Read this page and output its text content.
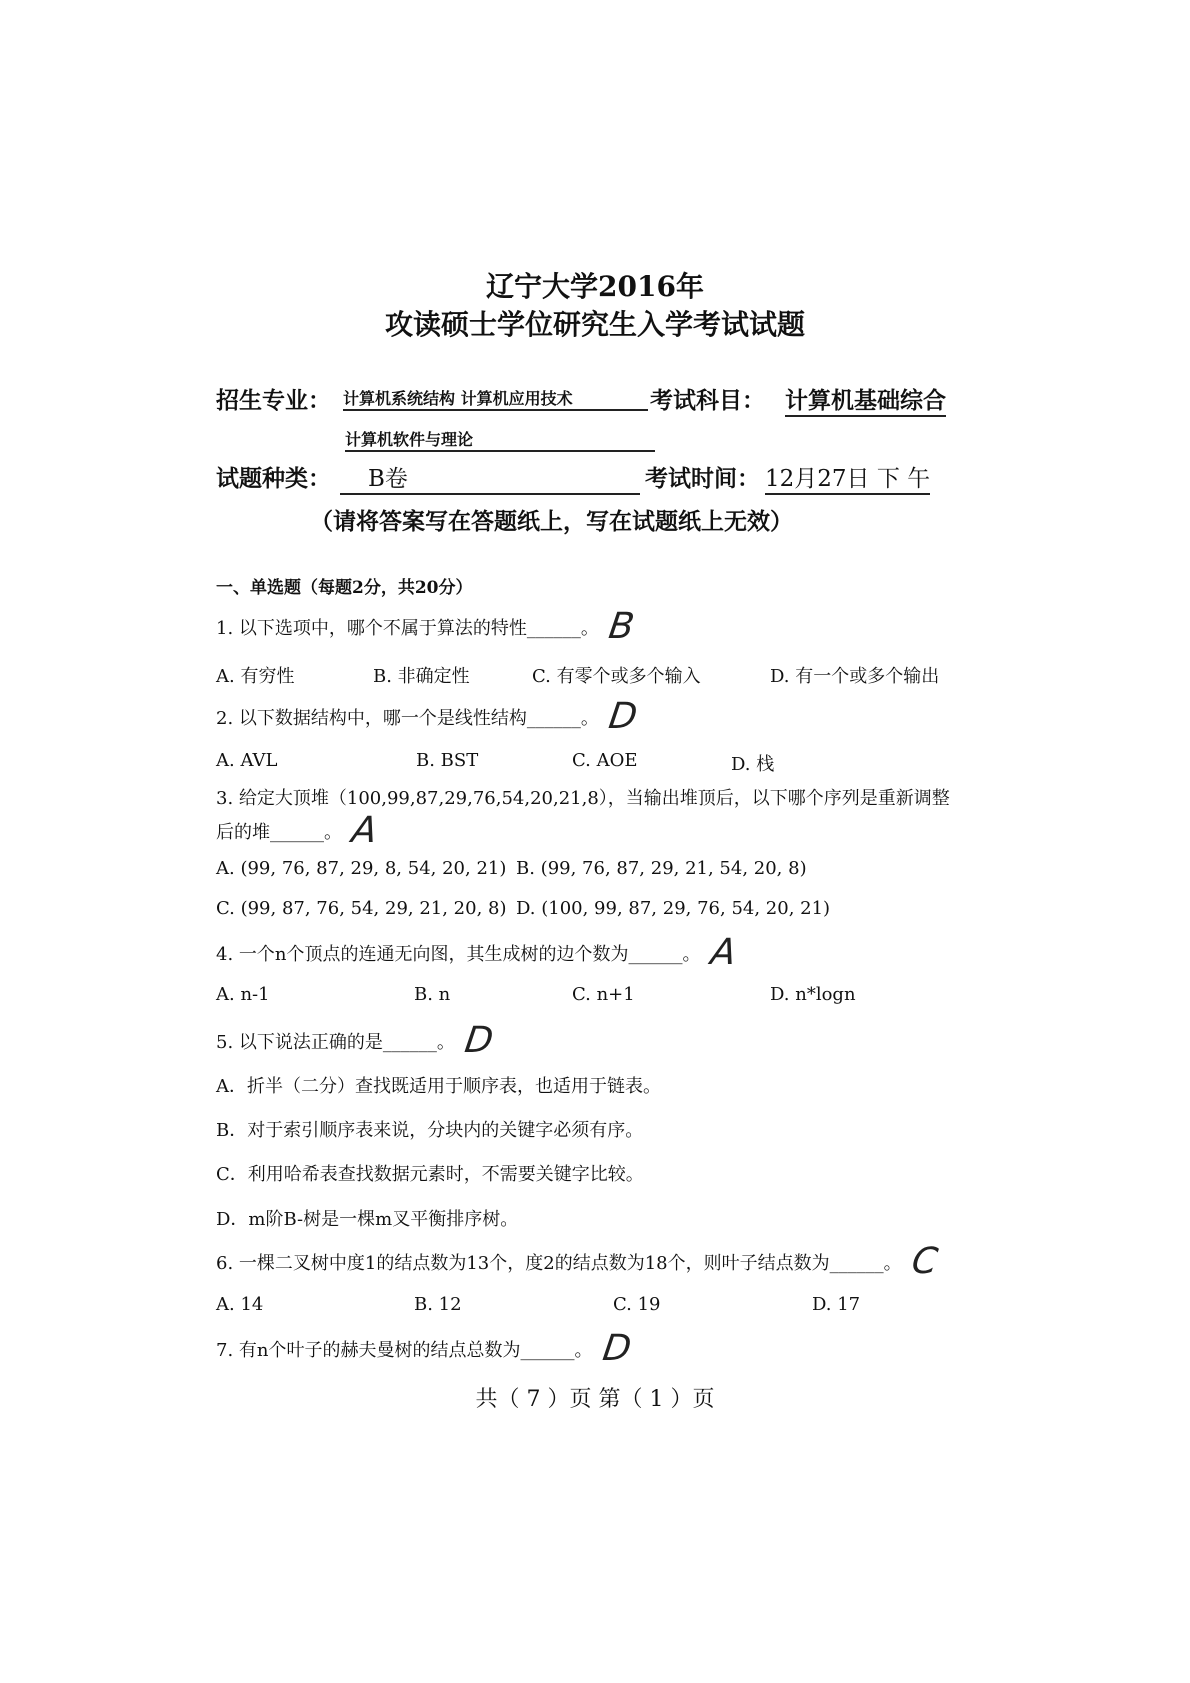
辽宁大学2016年
攻读硕士学位研究生入学考试试题
招生专业： 计算机系统结构 计算机应用技术	考试科目： 计算机基础综合
计算机软件与理论
试题种类：	B卷	考试时间： 12月27日 下 午
（请将答案写在答题纸上，写在试题纸上无效）
一、单选题（每题2分，共20分）
1. 以下选项中，哪个不属于算法的特性______。 B
A. 有穷性	B. 非确定性	C. 有零个或多个输入	D. 有一个或多个输出
2. 以下数据结构中，哪一个是线性结构______。 D
A. AVL	B. BST	C. AOE	D. 栈
3. 给定大顶堆（100,99,87,29,76,54,20,21,8），当输出堆顶后，以下哪个序列是重新调整
后的堆______。 A
A. (99, 76, 87, 29, 8, 54, 20, 21) B. (99, 76, 87, 29, 21, 54, 20, 8)
C. (99, 87, 76, 54, 29, 21, 20, 8) D. (100, 99, 87, 29, 76, 54, 20, 21)
4. 一个n个顶点的连通无向图，其生成树的边个数为______。 A
A. n-1	B. n	C. n+1	D. n*logn
5. 以下说法正确的是______。 D
A．折半（二分）查找既适用于顺序表，也适用于链表。
B．对于索引顺序表来说，分块内的关键字必须有序。
C．利用哈希表查找数据元素时，不需要关键字比较。
D．m阶B-树是一棵m叉平衡排序树。
6. 一棵二叉树中度1的结点数为13个，度2的结点数为18个，则叶子结点数为______。 C
A. 14	B. 12	C. 19	D. 17
7. 有n个叶子的赫夫曼树的结点总数为______。 D
共（ 7 ）页 第（ 1 ）页
